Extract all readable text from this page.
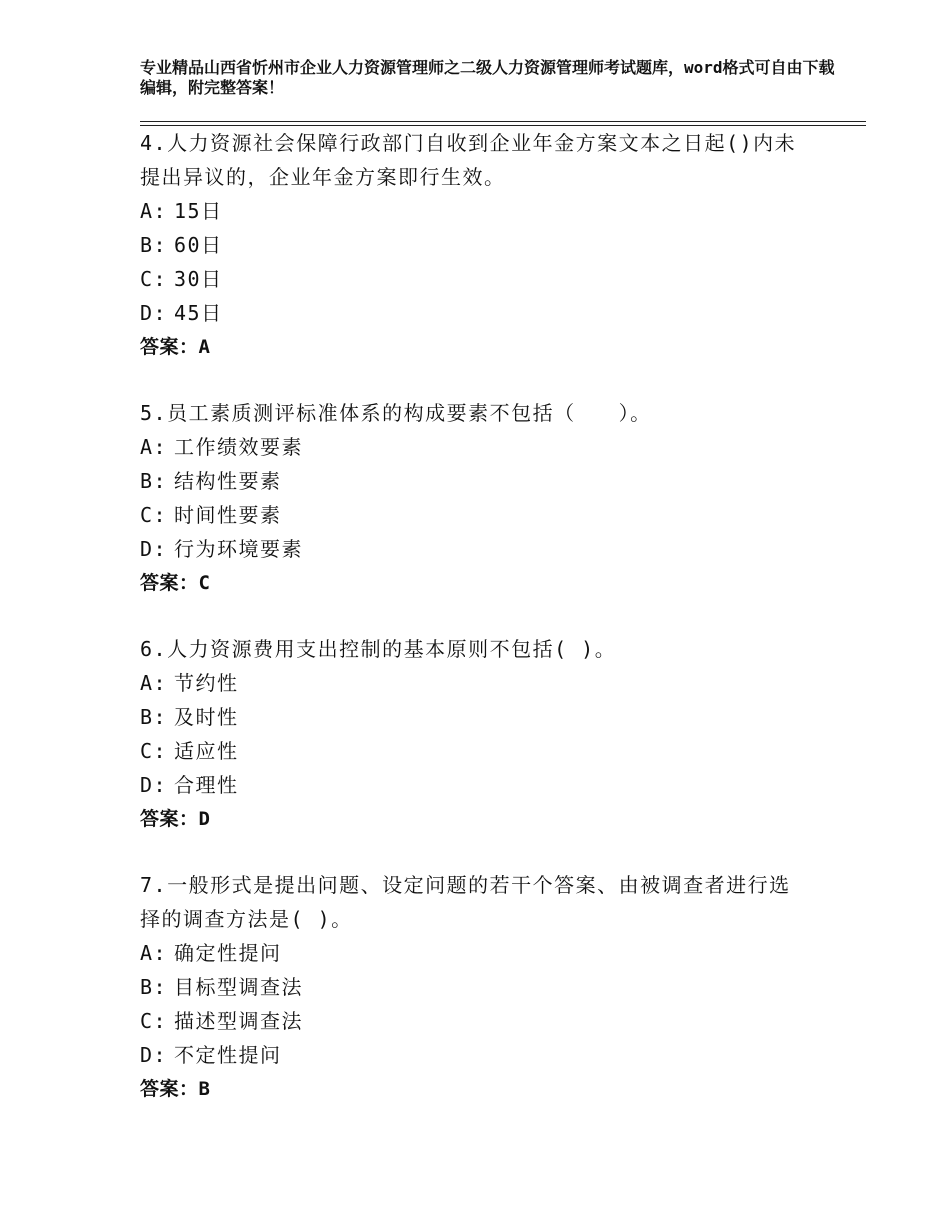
专业精品山西省忻州市企业人力资源管理师之二级人力资源管理师考试题库，word格式可自由下载编辑，附完整答案！

4.人力资源社会保障行政部门自收到企业年金方案文本之日起()内未提出异议的，企业年金方案即行生效。

A: 15日
B: 60日
C: 30日
D: 45日
答案： A

5.员工素质测评标准体系的构成要素不包括（　　）。

A: 工作绩效要素
B: 结构性要素
C: 时间性要素
D: 行为环境要素
答案： C

6.人力资源费用支出控制的基本原则不包括( )。

A: 节约性
B: 及时性
C: 适应性
D: 合理性
答案： D

7.一般形式是提出问题、设定问题的若干个答案、由被调查者进行选择的调查方法是( )。

A: 确定性提问
B: 目标型调查法
C: 描述型调查法
D: 不定性提问
答案： B
